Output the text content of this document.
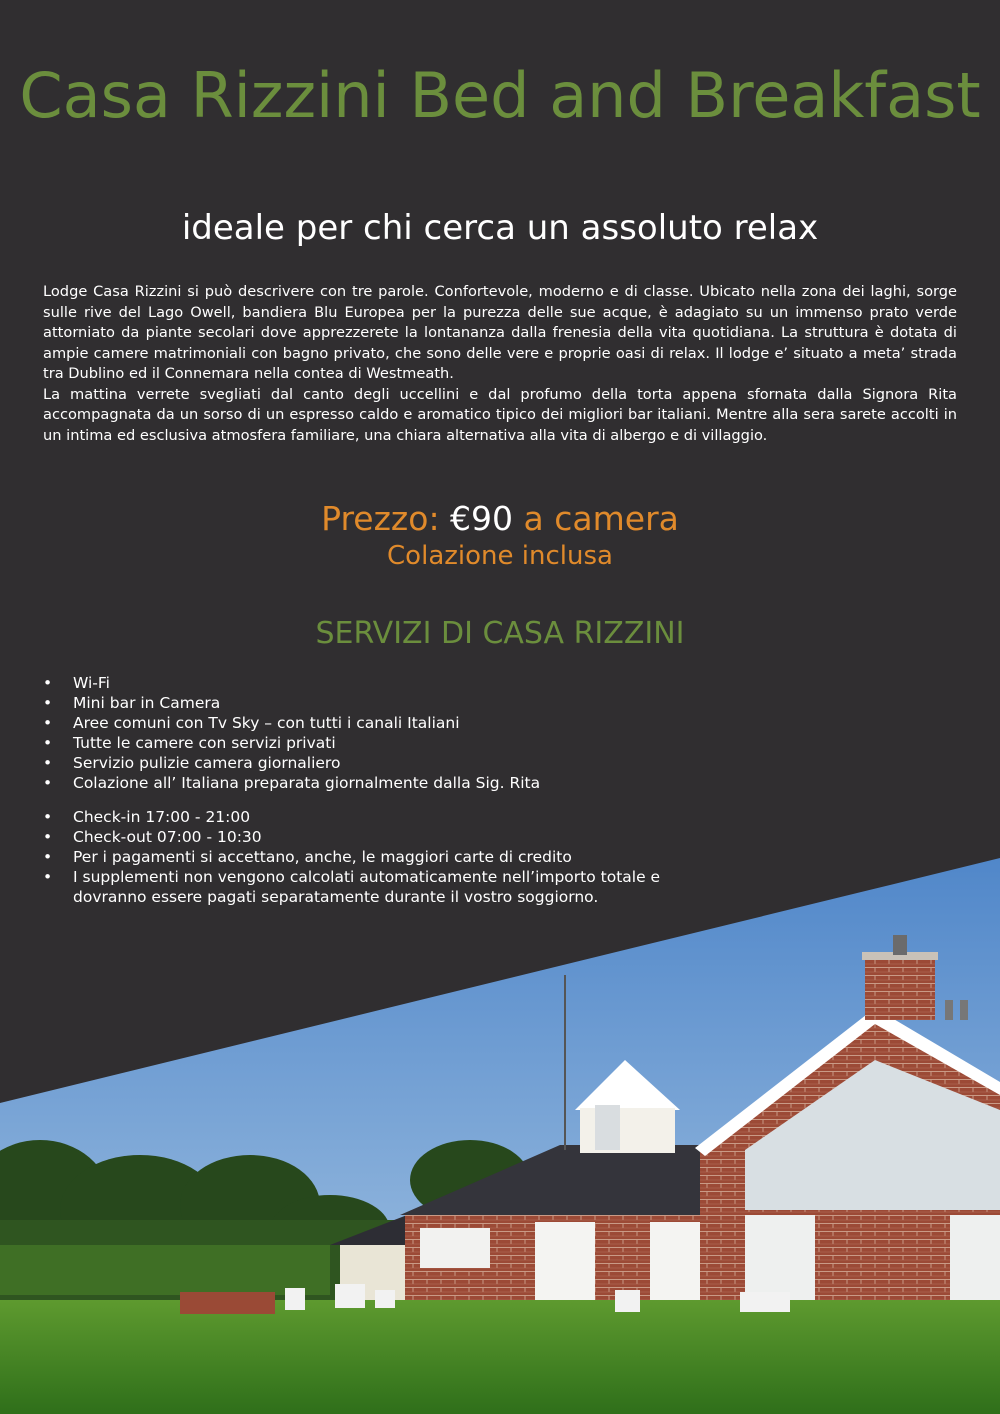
Casa Rizzini Bed and Breakfast
ideale per chi cerca un assoluto relax

Lodge Casa Rizzini si può descrivere con tre parole. Confortevole, moderno e di classe. Ubicato nella zona dei laghi, sorge sulle rive del Lago Owell, bandiera Blu Europea per la purezza delle sue acque, è adagiato su un immenso prato verde attorniato da piante secolari dove apprezzerete la lontananza dalla frenesia della vita quotidiana. La struttura è dotata di ampie camere matrimoniali con bagno privato, che sono delle vere e proprie oasi di relax. Il lodge e’ situato a meta’ strada tra Dublino ed il Connemara nella contea di Westmeath.

La mattina verrete svegliati dal canto degli uccellini e dal profumo della torta appena sfornata dalla Signora Rita accompagnata da un sorso di un espresso caldo e aromatico tipico dei migliori bar italiani. Mentre alla sera sarete accolti in un intima ed esclusiva atmosfera familiare, una chiara alternativa alla vita di albergo e di villaggio.

Prezzo: €90 a camera
Colazione inclusa
SERVIZI DI CASA RIZZINI
• Wi-Fi
• Mini bar in Camera
• Aree comuni con Tv Sky – con tutti i canali Italiani
• Tutte le camere con servizi privati
• Servizio pulizie camera giornaliero
• Colazione all’ Italiana preparata giornalmente dalla Sig. Rita
• Check-in 17:00 - 21:00
• Check-out 07:00 - 10:30
• Per i pagamenti si accettano, anche, le maggiori carte di credito
• I supplementi non vengono calcolati automaticamente nell’importo totale e dovranno essere pagati separatamente durante il vostro soggiorno.
